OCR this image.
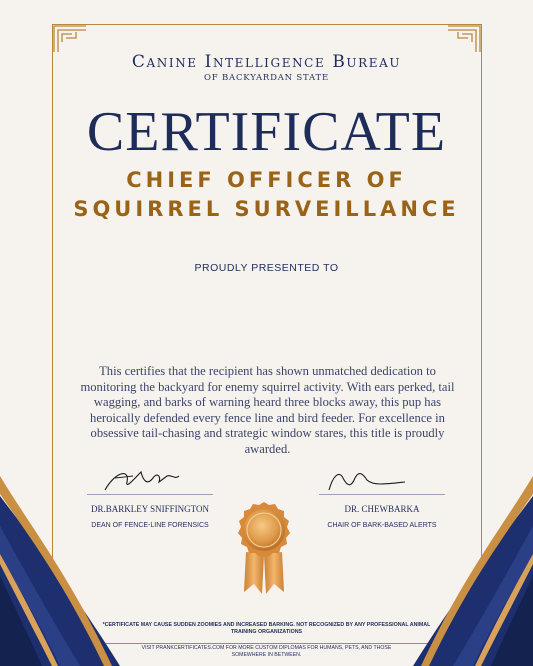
Canine Intelligence Bureau
OF BACKYARDAN STATE
CERTIFICATE
CHIEF OFFICER OF SQUIRREL SURVEILLANCE
PROUDLY PRESENTED TO
This certifies that the recipient has shown unmatched dedication to monitoring the backyard for enemy squirrel activity. With ears perked, tail wagging, and barks of warning heard three blocks away, this pup has heroically defended every fence line and bird feeder. For excellence in obsessive tail-chasing and strategic window stares, this title is proudly awarded.
DR.BARKLEY SNIFFINGTON
DEAN OF FENCE-LINE FORENSICS
DR. CHEWBARKA
CHAIR OF BARK-BASED ALERTS
*CERTIFICATE MAY CAUSE SUDDEN ZOOMIES AND INCREASED BARKING. NOT RECOGNIZED BY ANY PROFESSIONAL ANIMAL TRAINING ORGANIZATIONS
VISIT PRANKCERTIFICATES.COM FOR MORE CUSTOM DIPLOMAS FOR HUMANS, PETS, AND THOSE SOMEWHERE IN BETWEEN.
